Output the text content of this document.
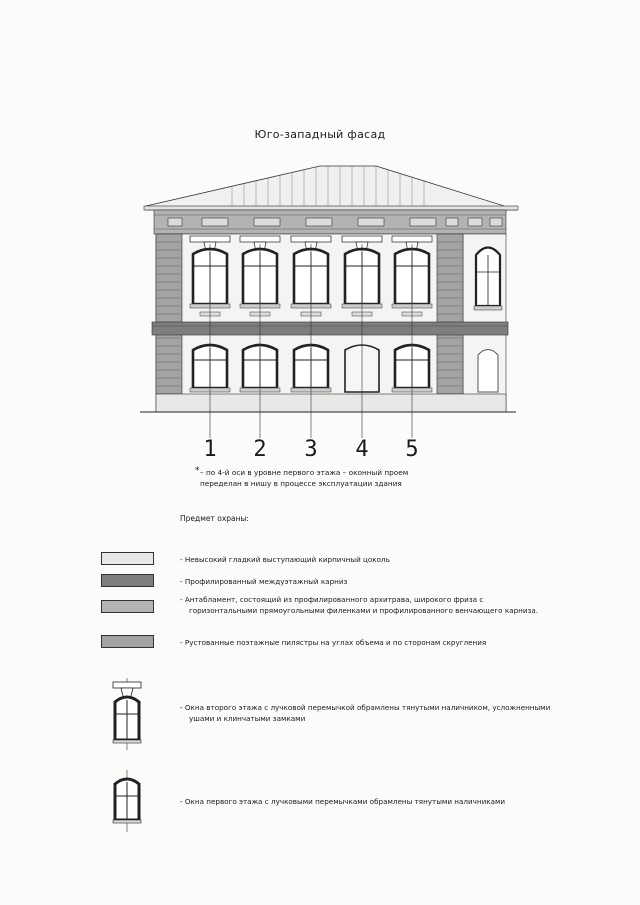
Юго-западный фасад
1	2	3	4	5
* – по 4-й оси в уровне первого этажа – оконный проем
переделан в нишу в процессе эксплуатации здания
Предмет охраны:
- Невысокий гладкий выступающий кирпичный цоколь
- Профилированный междуэтажный карниз
- Антабламент, состоящий из профилированного архитрава, широкого фриза с
горизонтальными прямоугольными филенками и профилированного венчающего карниза.
- Рустованные поэтажные пилястры на углах объема и по сторонам скругления
- Окна второго этажа с лучковой перемычкой обрамлены тянутыми наличником, усложненными
ушами и клинчатыми замками
- Окна первого этажа с лучковыми перемычками обрамлены тянутыми наличниками
